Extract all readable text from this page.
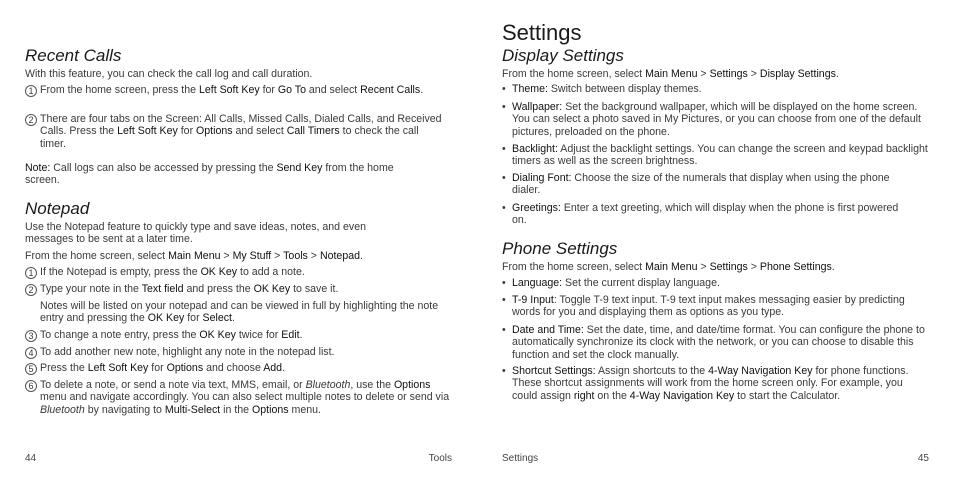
Recent Calls

With this feature, you can check the call log and call duration.

1 From the home screen, press the Left Soft Key for Go To and select Recent Calls.
2 There are four tabs on the Screen: All Calls, Missed Calls, Dialed Calls, and Received Calls. Press the Left Soft Key for Options and select Call Timers to check the call timer.

Note: Call logs can also be accessed by pressing the Send Key from the home screen.

Notepad

Use the Notepad feature to quickly type and save ideas, notes, and even messages to be sent at a later time.

From the home screen, select Main Menu > My Stuff > Tools > Notepad.

1 If the Notepad is empty, press the OK Key to add a note.
2 Type your note in the Text field and press the OK Key to save it.
Notes will be listed on your notepad and can be viewed in full by highlighting the note entry and pressing the OK Key for Select.
3 To change a note entry, press the OK Key twice for Edit.
4 To add another new note, highlight any note in the notepad list.
5 Press the Left Soft Key for Options and choose Add.
6 To delete a note, or send a note via text, MMS, email, or Bluetooth, use the Options menu and navigate accordingly. You can also select multiple notes to delete or send via Bluetooth by navigating to Multi-Select in the Options menu.
44	Tools
Settings
Display Settings

From the home screen, select Main Menu > Settings > Display Settings.

• Theme: Switch between display themes.
• Wallpaper: Set the background wallpaper, which will be displayed on the home screen. You can select a photo saved in My Pictures, or you can choose from one of the default pictures, preloaded on the phone.
• Backlight: Adjust the backlight settings. You can change the screen and keypad backlight timers as well as the screen brightness.
• Dialing Font: Choose the size of the numerals that display when using the phone dialer.
• Greetings: Enter a text greeting, which will display when the phone is first powered on.
Phone Settings

From the home screen, select Main Menu > Settings > Phone Settings.

• Language: Set the current display language.
• T-9 Input: Toggle T-9 text input. T-9 text input makes messaging easier by predicting words for you and displaying them as options as you type.
• Date and Time: Set the date, time, and date/time format. You can configure the phone to automatically synchronize its clock with the network, or you can choose to disable this function and set the clock manually.
• Shortcut Settings: Assign shortcuts to the 4-Way Navigation Key for phone functions. These shortcut assignments will work from the home screen only. For example, you could assign right on the 4-Way Navigation Key to start the Calculator.
Settings	45
